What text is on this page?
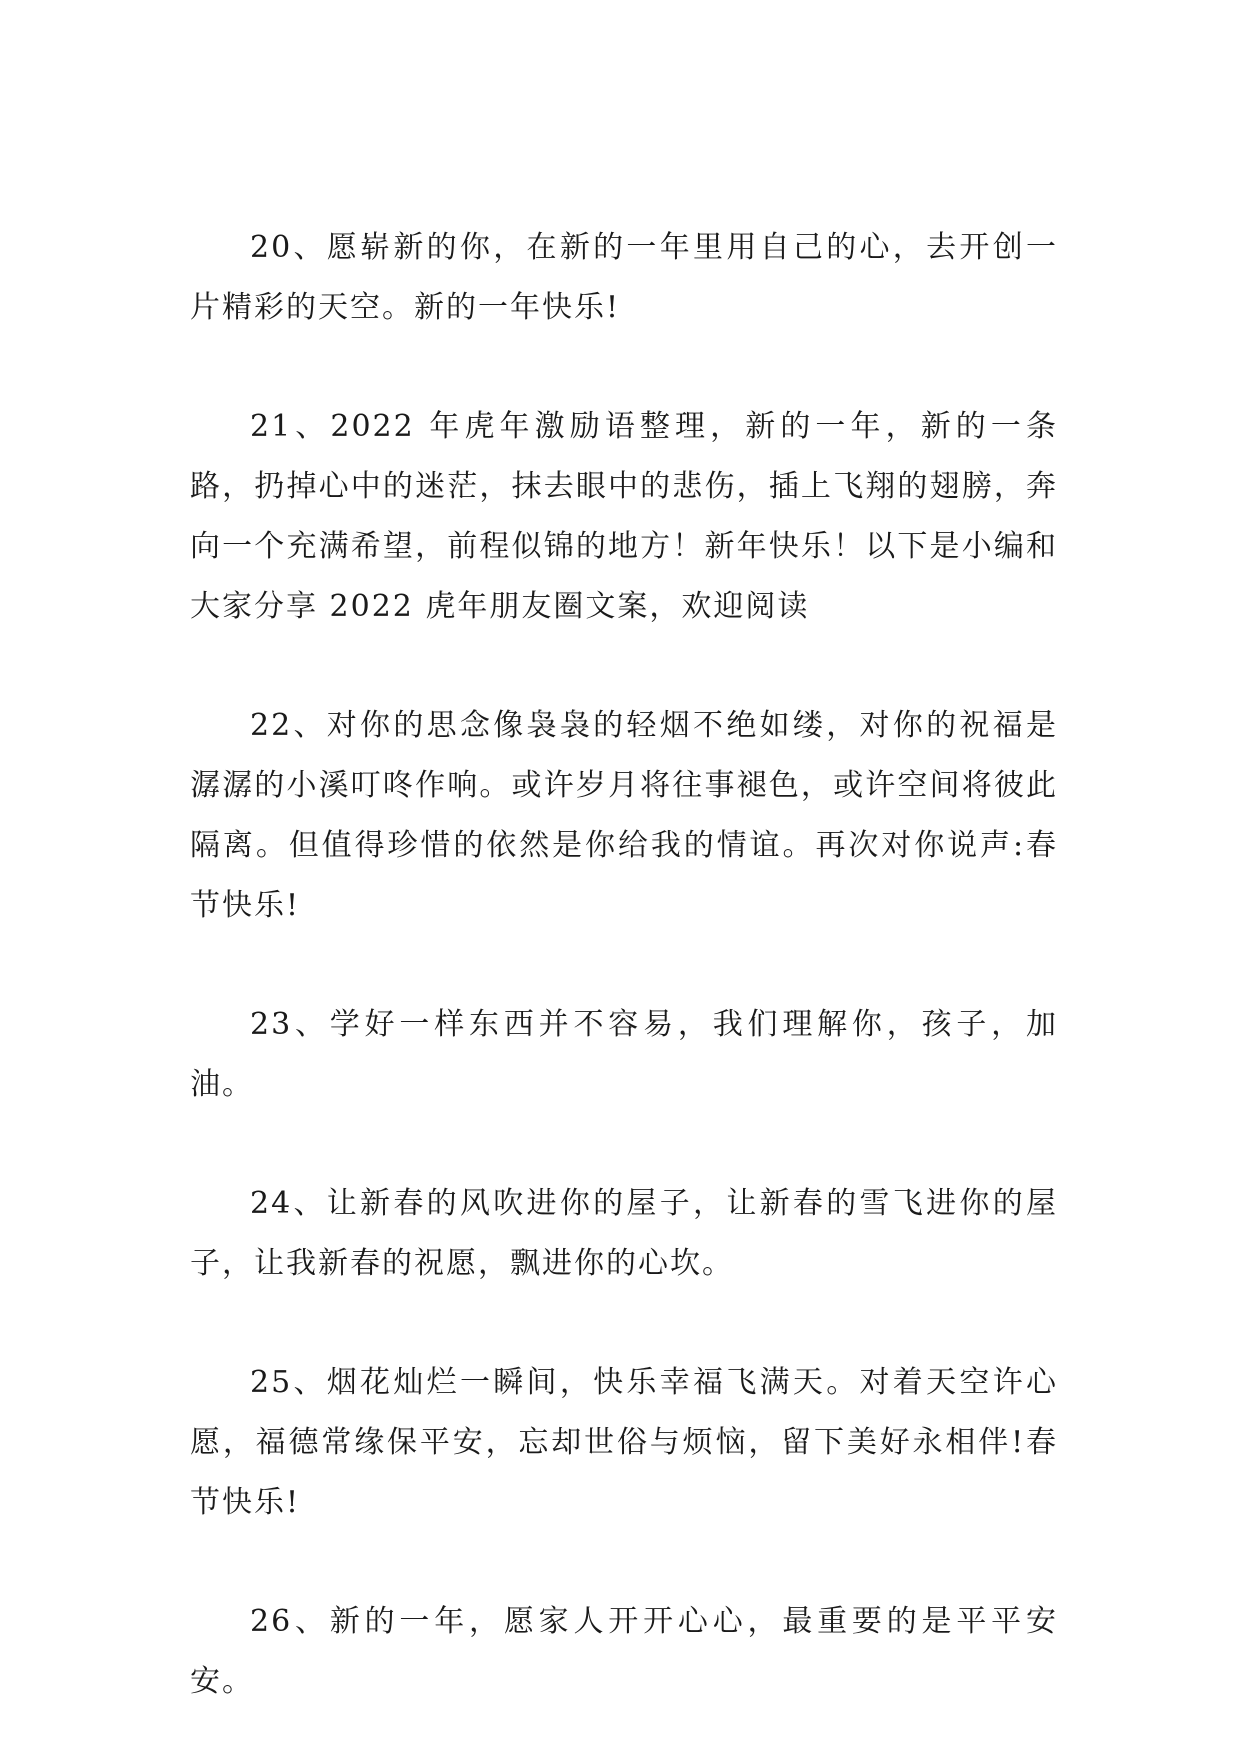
20、愿崭新的你，在新的一年里用自己的心，去开创一片精彩的天空。新的一年快乐!

21、2022 年虎年激励语整理，新的一年，新的一条路，扔掉心中的迷茫，抹去眼中的悲伤，插上飞翔的翅膀，奔向一个充满希望，前程似锦的地方！新年快乐！以下是小编和大家分享 2022 虎年朋友圈文案，欢迎阅读

22、对你的思念像袅袅的轻烟不绝如缕，对你的祝福是潺潺的小溪叮咚作响。或许岁月将往事褪色，或许空间将彼此隔离。但值得珍惜的依然是你给我的情谊。再次对你说声:春节快乐!

23、学好一样东西并不容易，我们理解你，孩子，加油。

24、让新春的风吹进你的屋子，让新春的雪飞进你的屋子，让我新春的祝愿，飘进你的心坎。

25、烟花灿烂一瞬间，快乐幸福飞满天。对着天空许心愿，福德常缘保平安，忘却世俗与烦恼，留下美好永相伴!春节快乐!

26、新的一年，愿家人开开心心，最重要的是平平安安。
